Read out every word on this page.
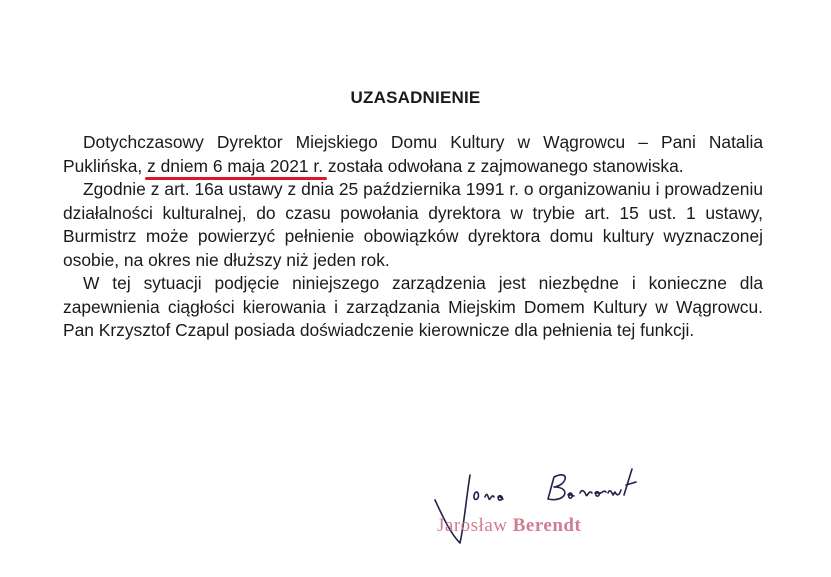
UZASADNIENIE

Dotychczasowy Dyrektor Miejskiego Domu Kultury w Wągrowcu – Pani Natalia Puklińska, z dniem 6 maja 2021 r.
została odwołana z zajmowanego stanowiska.

Zgodnie z art. 16a ustawy z dnia 25 października 1991 r. o organizowaniu i prowadzeniu działalności kulturalnej, do czasu powołania dyrektora w trybie art. 15 ust. 1 ustawy, Burmistrz może powierzyć pełnienie obowiązków dyrektora domu kultury wyznaczonej osobie, na okres nie dłuższy niż jeden rok.

W tej sytuacji podjęcie niniejszego zarządzenia jest niezbędne i konieczne dla zapewnienia ciągłości kierowania i zarządzania Miejskim Domem Kultury w Wągrowcu. Pan Krzysztof Czapul posiada doświadczenie kierownicze dla pełnienia tej funkcji.

Jarosław Berendt
